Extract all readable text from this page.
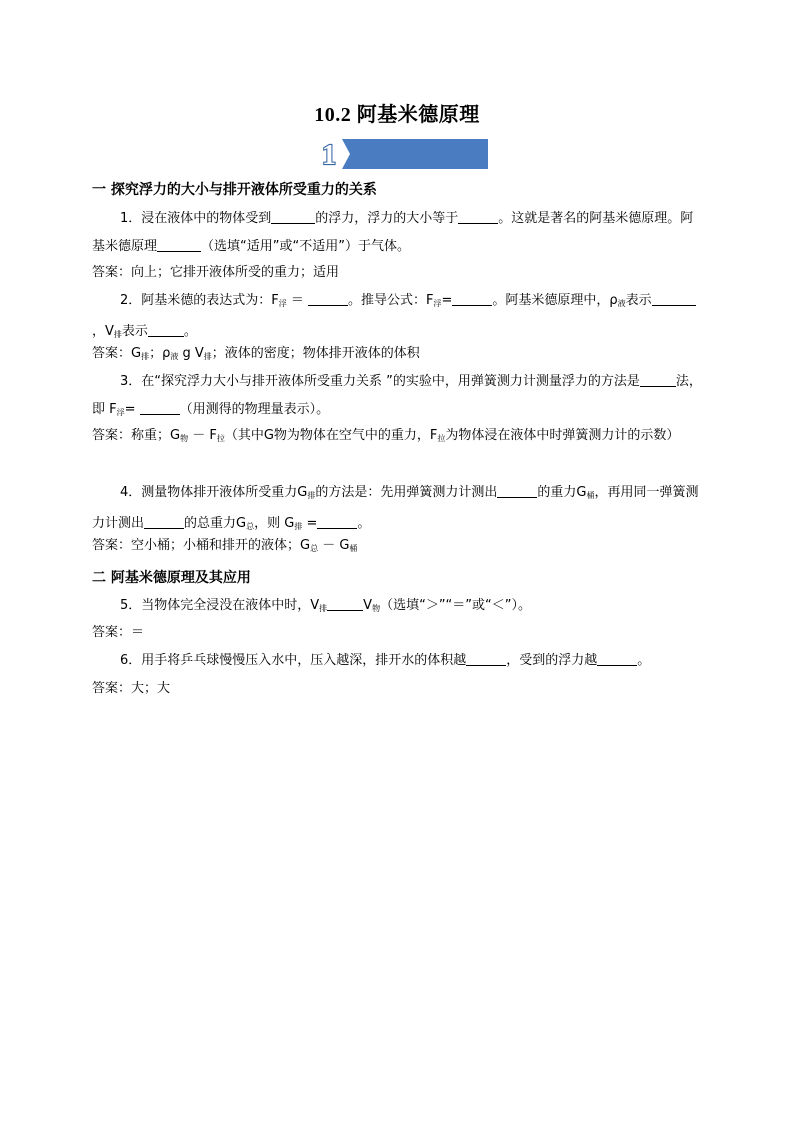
10.2 阿基米德原理
1
一 探究浮力的大小与排开液体所受重力的关系

1．浸在液体中的物体受到	的浮力，浮力的大小等于	。这就是著名的阿基米德原理。阿基米德原理	（选填“适用”或“不适用”）于气体。

答案：向上；它排开液体所受的重力；适用

2．阿基米德的表达式为：$F_浮$ ＝	。推导公式：$F_浮=$	。阿基米德原理中，$\rho_液$表示，$V_排$表示	。

答案：$G_排$；$\rho_液$ g $V_排$；液体的密度；物体排开液体的体积

3．在“探究浮力大小与排开液体所受重力关系 ”的实验中，用弹簧测力计测量浮力的方法是	法，即 $F_浮=$	（用测得的物理量表示）。

答案：称重；$G_物 - F_拉$（其中G物为物体在空气中的重力，$F_拉$为物体浸在液体中时弹簧测力计的示数）

4．测量物体排开液体所受重力$G_排$的方法是：先用弹簧测力计测出	的重力$G_桶$，再用同一弹簧测力计测出	的总重力$G_总$，则 $G_排$ =	。

答案：空小桶；小桶和排开的液体；$G_总 - G_桶$

二 阿基米德原理及其应用

5．当物体完全浸没在液体中时，$V_排$	$V_物$（选填“＞”“＝”或“＜”）。

答案：＝

6．用手将乒乓球慢慢压入水中，压入越深，排开水的体积越	，受到的浮力越	。

答案：大；大
